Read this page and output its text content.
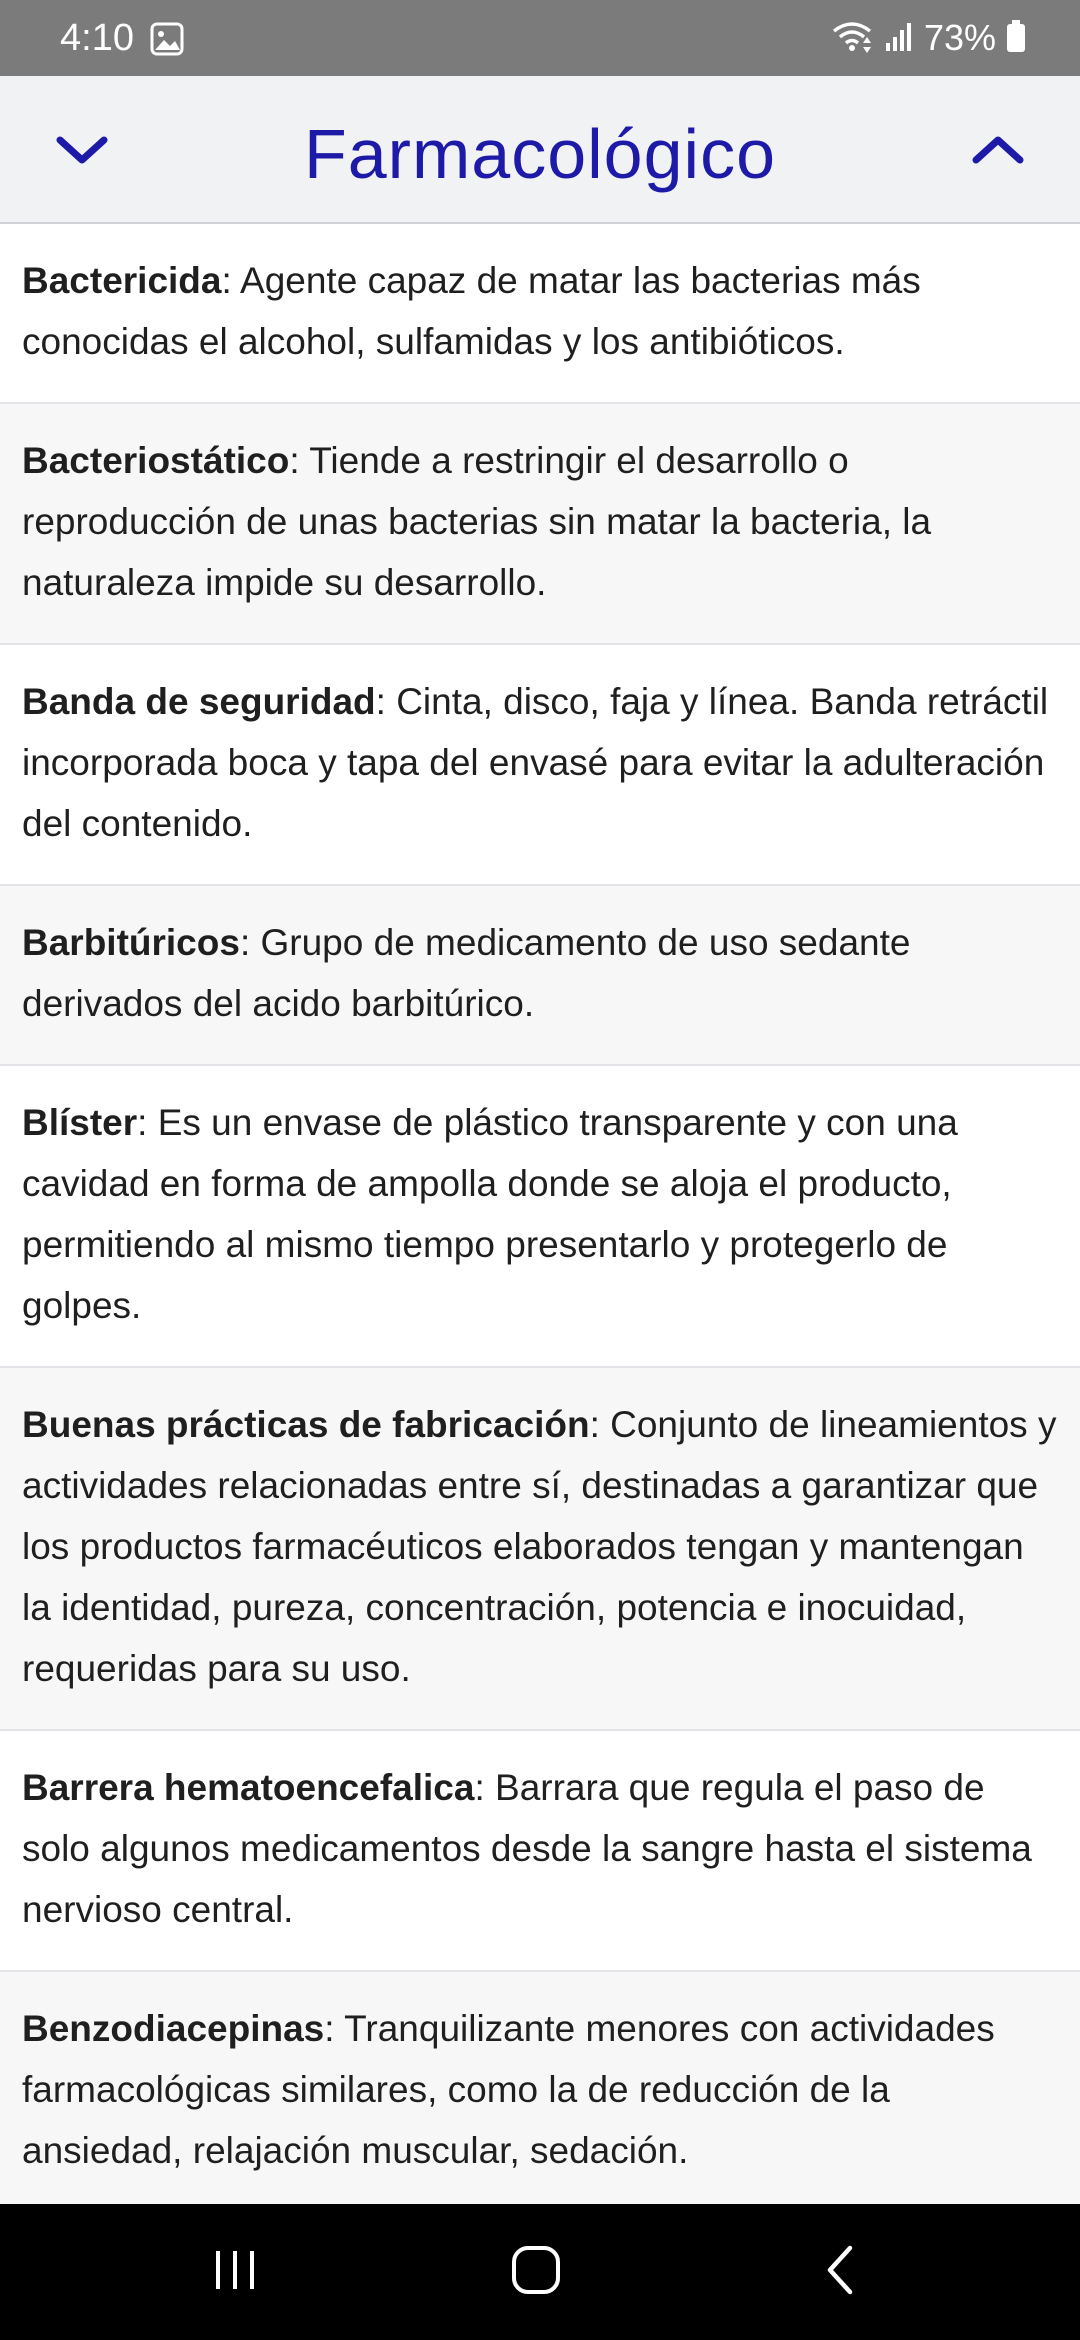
4:10	73%
Farmacológico
Bactericida: Agente capaz de matar las bacterias más conocidas el alcohol, sulfamidas y los antibióticos.
Bacteriostático: Tiende a restringir el desarrollo o reproducción de unas bacterias sin matar la bacteria, la naturaleza impide su desarrollo.
Banda de seguridad: Cinta, disco, faja y línea. Banda retráctil incorporada boca y tapa del envasé para evitar la adulteración del contenido.
Barbitúricos: Grupo de medicamento de uso sedante derivados del acido barbitúrico.
Blíster: Es un envase de plástico transparente y con una cavidad en forma de ampolla donde se aloja el producto, permitiendo al mismo tiempo presentarlo y protegerlo de golpes.
Buenas prácticas de fabricación: Conjunto de lineamientos y actividades relacionadas entre sí, destinadas a garantizar que los productos farmacéuticos elaborados tengan y mantengan la identidad, pureza, concentración, potencia e inocuidad, requeridas para su uso.
Barrera hematoencefalica: Barrara que regula el paso de solo algunos medicamentos desde la sangre hasta el sistema nervioso central.
Benzodiacepinas: Tranquilizante menores con actividades farmacológicas similares, como la de reducción de la ansiedad, relajación muscular, sedación.
